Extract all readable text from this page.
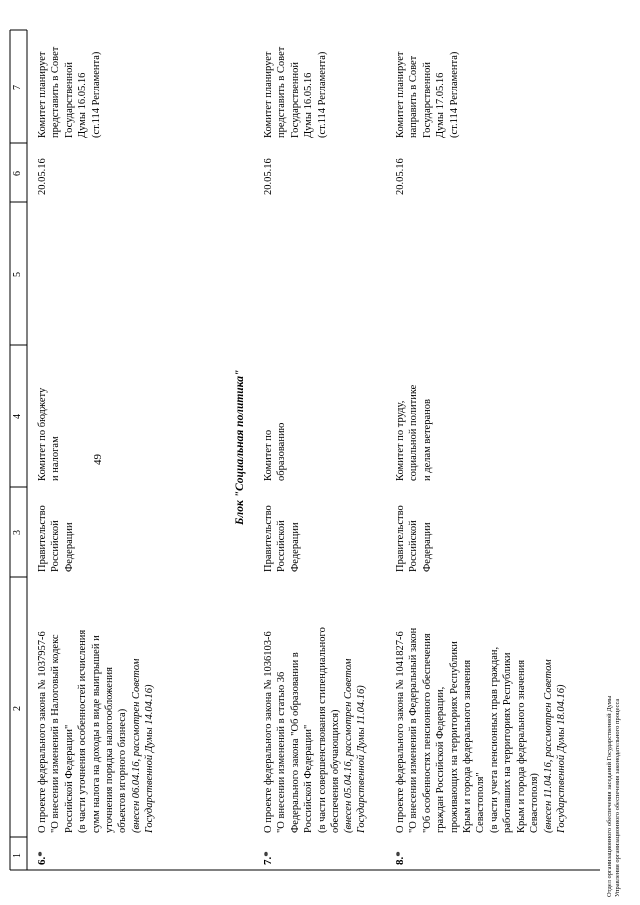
49
1
2
3
4
5
6
7
6.*
О проекте федерального закона № 1037957-6
"О внесении изменений в Налоговый кодекс
Российской Федерации"
(в части уточнения особенностей исчисления
сумм налога на доходы в виде выигрышей и
уточнения порядка налогообложения
объектов игорного бизнеса)
(внесен 06.04.16, рассмотрен Советом
Государственной Думы 14.04.16)
Правительство
Российской
Федерации
Комитет по бюджету
и налогам
20.05.16
Комитет планирует
представить в Совет
Государственной
Думы 16.05.16
(ст.114 Регламента)
Блок "Социальная политика"
7.*
О проекте федерального закона № 1036103-6
"О внесении изменений в статью 36
Федерального закона "Об образовании в
Российской Федерации"
(в части совершенствования стипендиального
обеспечения обучающихся)
(внесен 05.04.16, рассмотрен Советом
Государственной Думы 11.04.16)
Правительство
Российской
Федерации
Комитет по
образованию
20.05.16
Комитет планирует
представить в Совет
Государственной
Думы 16.05.16
(ст.114 Регламента)
8.*
О проекте федерального закона № 1041827-6
"О внесении изменений в Федеральный закон
"Об особенностях пенсионного обеспечения
граждан Российской Федерации,
проживающих на территориях Республики
Крым и города федерального значения
Севастополя"
(в части учета пенсионных прав граждан,
работавших на территориях Республики
Крым и города федерального значения
Севастополя) (внесен 11.04.16, рассмотрен Советом
Государственной Думы 18.04.16)
Правительство
Российской
Федерации
Комитет по труду,
социальной политике
и делам ветеранов
20.05.16
Комитет планирует
направить в Совет
Государственной
Думы 17.05.16
(ст.114 Регламента)
Отдел организационного обеспечения заседаний Государственной Думы
Управления организационного обеспечения законодательного процесса
